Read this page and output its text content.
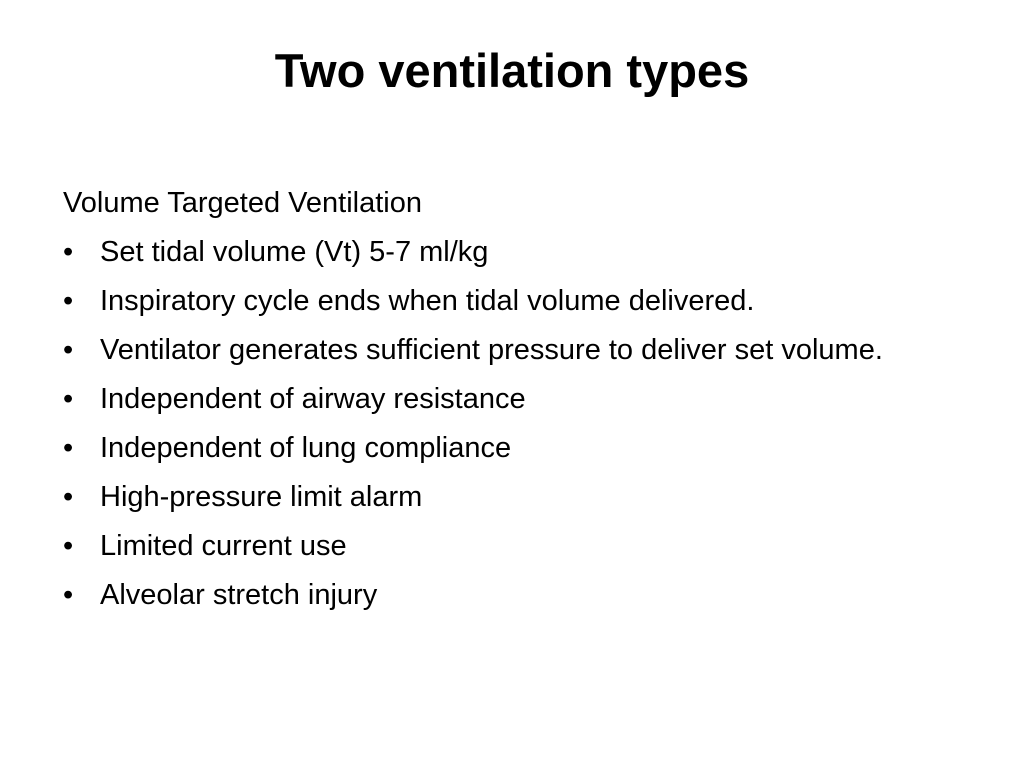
Two ventilation types

Volume Targeted Ventilation

• Set tidal volume (Vt) 5-7 ml/kg
• Inspiratory cycle ends when tidal volume delivered.
• Ventilator generates sufficient pressure to deliver set volume.
• Independent of airway resistance
• Independent of lung compliance
• High-pressure limit alarm
• Limited current use
• Alveolar stretch injury
